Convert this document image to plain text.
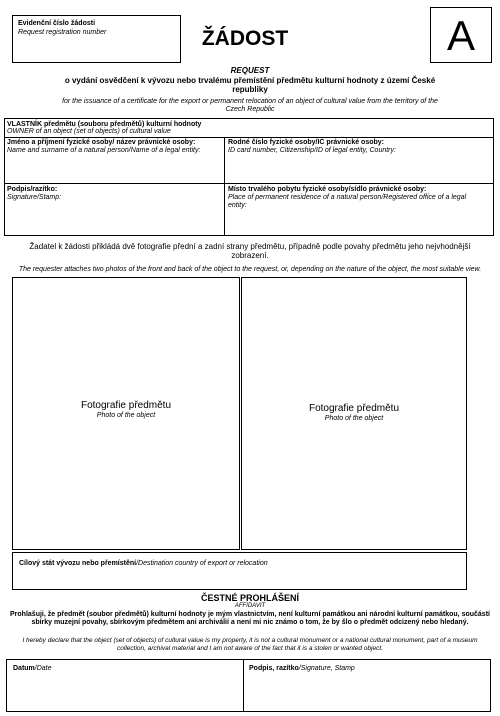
Evidenční číslo žádosti
Request registration number	ŽÁDOST	A
REQUEST
o vydání osvědčení k vývozu nebo trvalému přemístění předmětu kulturní hodnoty z území České republiky
for the issuance of a certificate for the export or permanent relocation of an object of cultural value from the territory of the Czech Republic
VLASTNÍK předmětu (souboru předmětů) kulturní hodnoty
OWNER of an object (set of objects) of cultural value
Jméno a příjmení fyzické osoby/ název právnické osoby:
Name and surname of a natural person/Name of a legal entity:
Rodné číslo fyzické osoby/IČ právnické osoby:
ID card number, Citizenship/ID of legal entity, Country:
Podpis/razítko:
Signature/Stamp:
Místo trvalého pobytu fyzické osoby/sídlo právnické osoby:
Place of permanent residence of a natural person/Registered office of a legal entity:
Žadatel k žádosti přikládá dvě fotografie přední a zadní strany předmětu, případně podle povahy předmětu jeho nejvhodnější zobrazení.
The requester attaches two photos of the front and back of the object to the request, or, depending on the nature of the object, the most suitable view.
Fotografie předmětu
Photo of the object
Fotografie předmětu
Photo of the object
Cílový stát vývozu nebo přemístění/Destination country of export or relocation
ČESTNÉ PROHLÁŠENÍ
AFFIDAVIT
Prohlašuji, že předmět (soubor předmětů) kulturní hodnoty je mým vlastnictvím, není kulturní památkou ani národní kulturní památkou, součástí sbírky muzejní povahy, sbírkovým předmětem ani archiválií a není mi nic známo o tom, že by šlo o předmět odcizený nebo hledaný.
I hereby declare that the object (set of objects) of cultural value is my property, it is not a cultural monument or a national cultural monument, part of a museum collection, archival material and I am not aware of the fact that it is a stolen or wanted object.
Datum/Date	Podpis, razítko/Signature, Stamp
